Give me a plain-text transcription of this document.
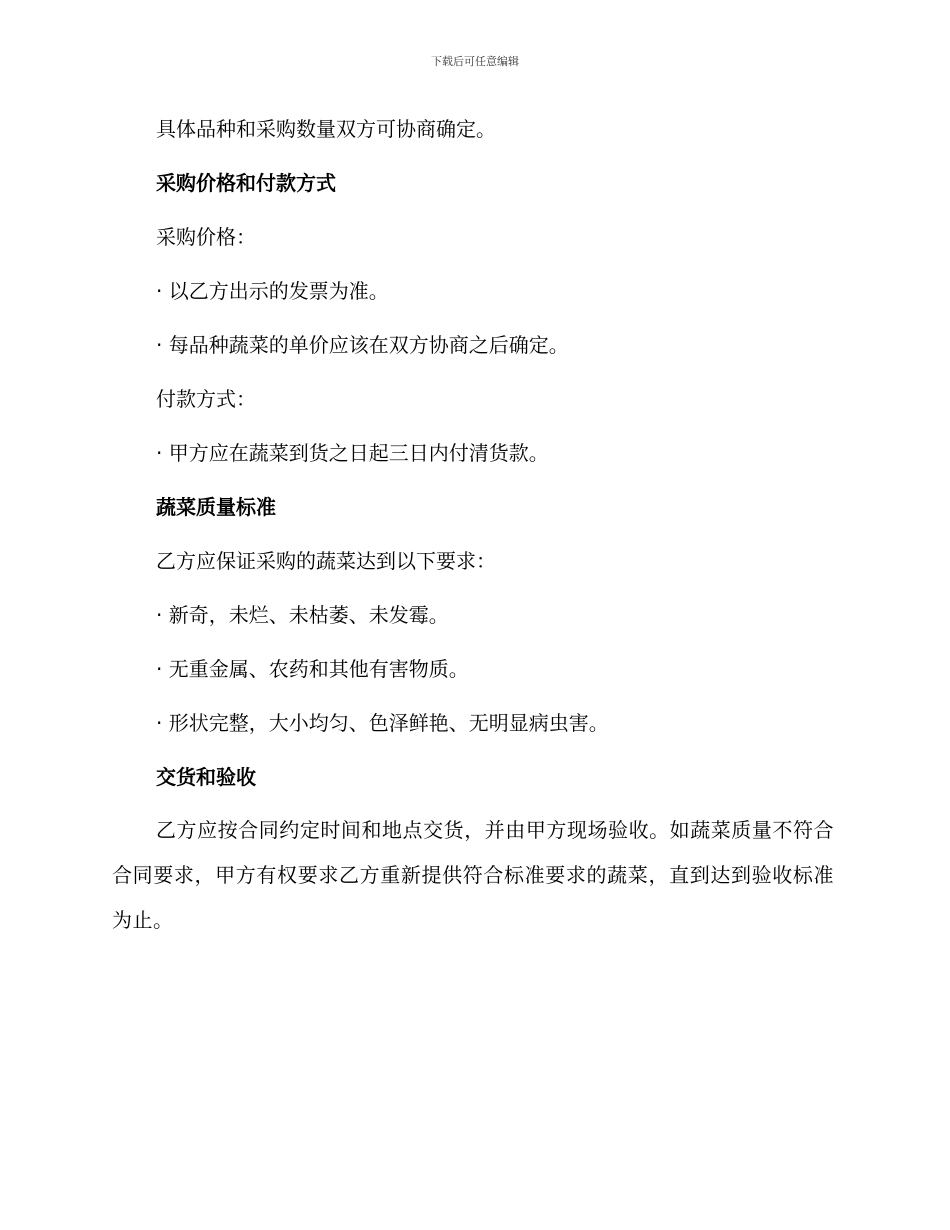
下载后可任意编辑
具体品种和采购数量双方可协商确定。
采购价格和付款方式
采购价格：
· 以乙方出示的发票为准。
· 每品种蔬菜的单价应该在双方协商之后确定。
付款方式：
· 甲方应在蔬菜到货之日起三日内付清货款。
蔬菜质量标准
乙方应保证采购的蔬菜达到以下要求：
· 新奇，未烂、未枯萎、未发霉。
· 无重金属、农药和其他有害物质。
· 形状完整，大小均匀、色泽鲜艳、无明显病虫害。
交货和验收
乙方应按合同约定时间和地点交货，并由甲方现场验收。如蔬菜质量不符合合同要求，甲方有权要求乙方重新提供符合标准要求的蔬菜，直到达到验收标准为止。
